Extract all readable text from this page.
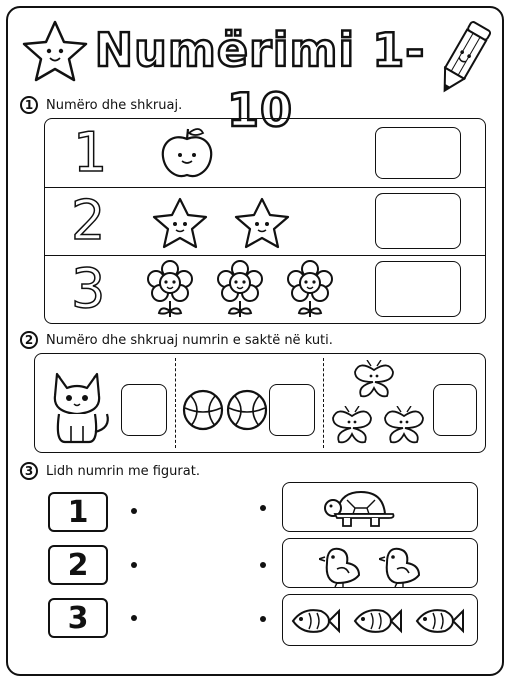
Numërimi 1-10
1 Numëro dhe shkruaj.
1
2
3
2 Numëro dhe shkruaj numrin e saktë në kuti.
3 Lidh numrin me figurat.
1
2
3
